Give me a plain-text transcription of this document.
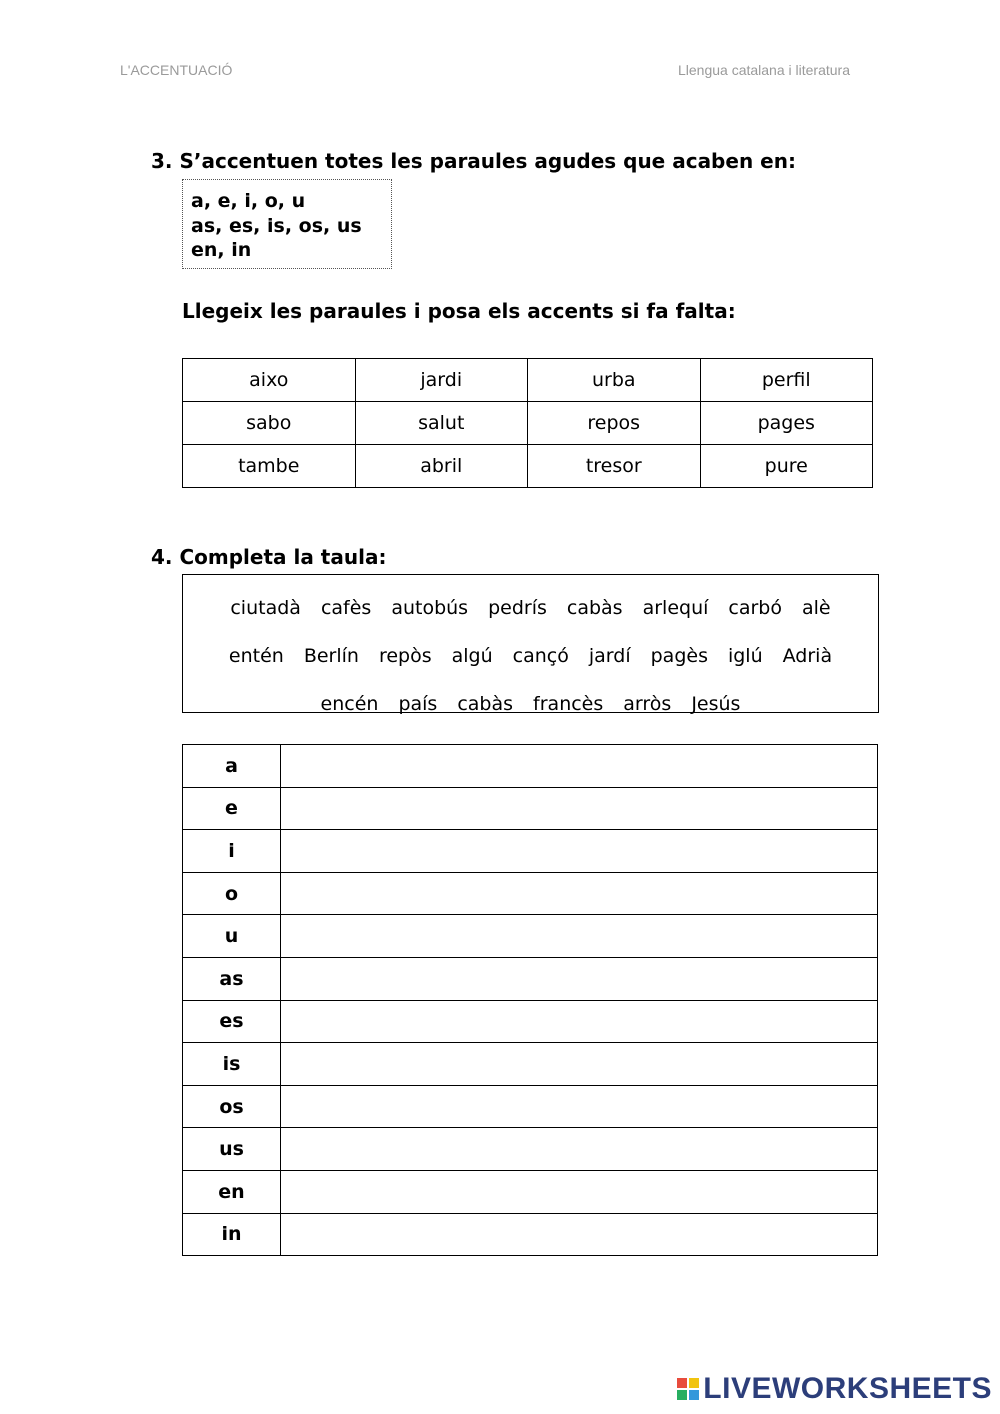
L'ACCENTUACIÓ	Llengua catalana i literatura
3. S’accentuen totes les paraules agudes que acaben en:
a, e, i, o, u
as, es, is, os, us
en, in
Llegeix les paraules i posa els accents si fa falta:
aixo	jardi	urba	perfil
sabo	salut	repos	pages
tambe	abril	tresor	pure
4. Completa la taula:
ciutadà cafès autobús pedrís cabàs arlequí carbó alè
entén Berlín repòs algú cançó jardí pagès iglú Adrià
encén país cabàs francès arròs Jesús
a	
e	
i	
o	
u	
as	
es	
is	
os	
us	
en	
in	
LIVEWORKSHEETS
